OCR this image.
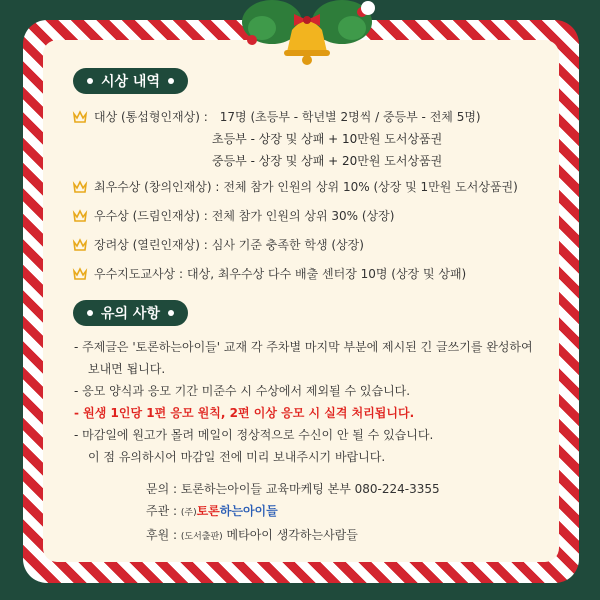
시상 내역
대상 (통섭형인재상) : 17명 (초등부 - 학년별 2명씩 / 중등부 - 전체 5명)
초등부 - 상장 및 상패 + 10만원 도서상품권
중등부 - 상장 및 상패 + 20만원 도서상품권
최우수상 (창의인재상) : 전체 참가 인원의 상위 10% (상장 및 1만원 도서상품권)
우수상 (드림인재상) : 전체 참가 인원의 상위 30% (상장)
장려상 (열린인재상) : 심사 기준 충족한 학생 (상장)
우수지도교사상 : 대상, 최우수상 다수 배출 센터장 10명 (상장 및 상패)
유의 사항
- 주제글은 '토론하는아이들' 교재 각 주차별 마지막 부분에 제시된 긴 글쓰기를 완성하여
보내면 됩니다.
- 응모 양식과 응모 기간 미준수 시 수상에서 제외될 수 있습니다.
- 원생 1인당 1편 응모 원칙, 2편 이상 응모 시 실격 처리됩니다.
- 마감일에 원고가 몰려 메일이 정상적으로 수신이 안 될 수 있습니다.
이 점 유의하시어 마감일 전에 미리 보내주시기 바랍니다.
문의 : 토론하는아이들 교육마케팅 본부 080-224-3355
주관 : (주)토론하는아이들
후원 : (도서출판) 메타아이 생각하는사람들
